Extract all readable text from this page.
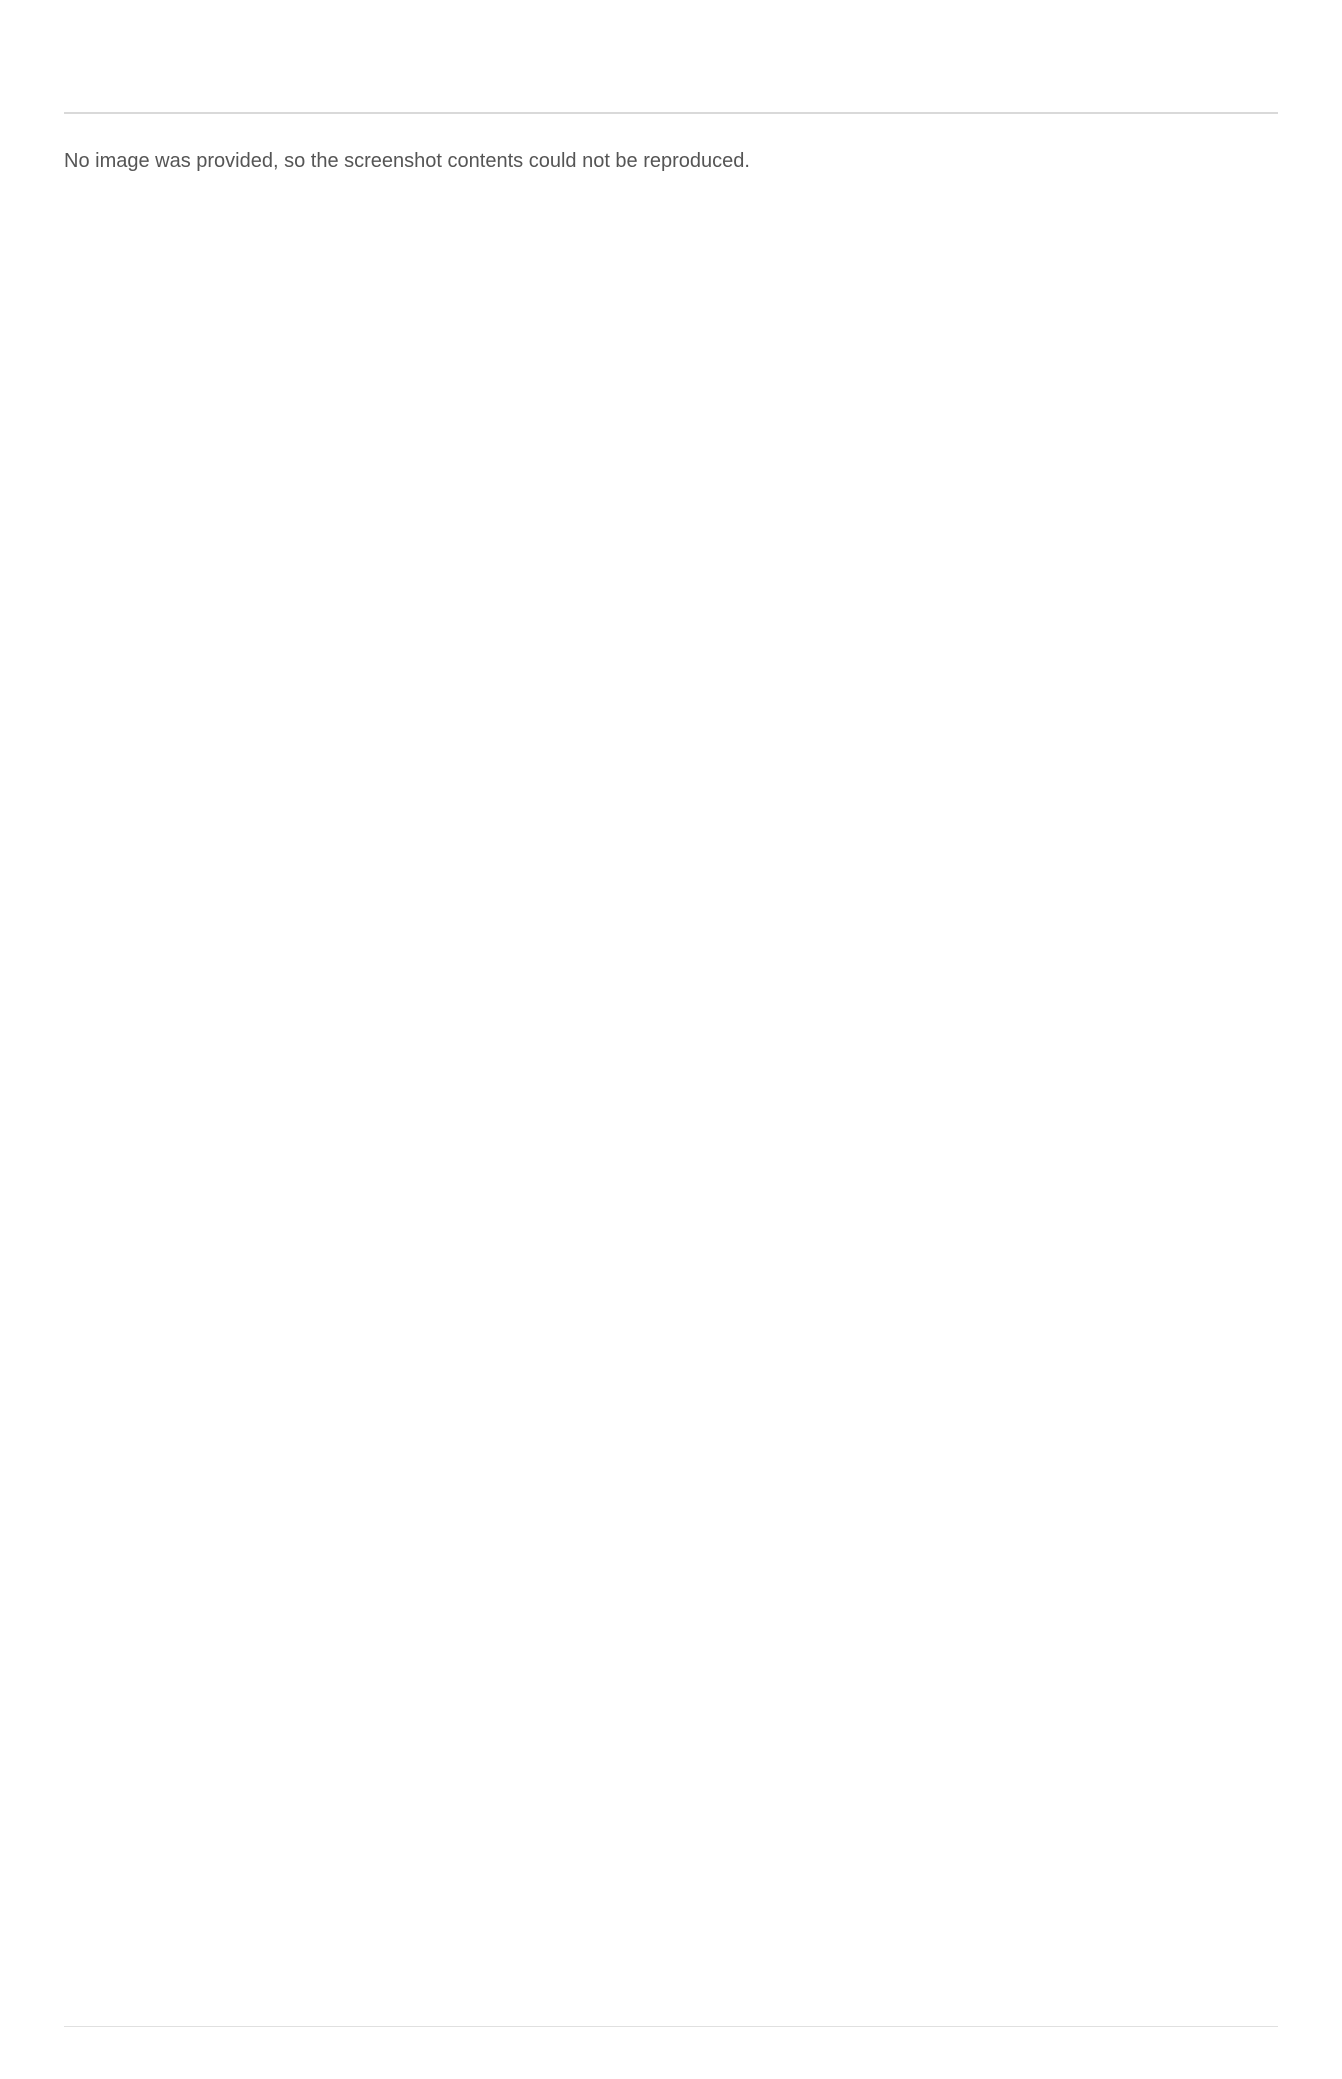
No image was provided, so the screenshot contents could not be reproduced.
